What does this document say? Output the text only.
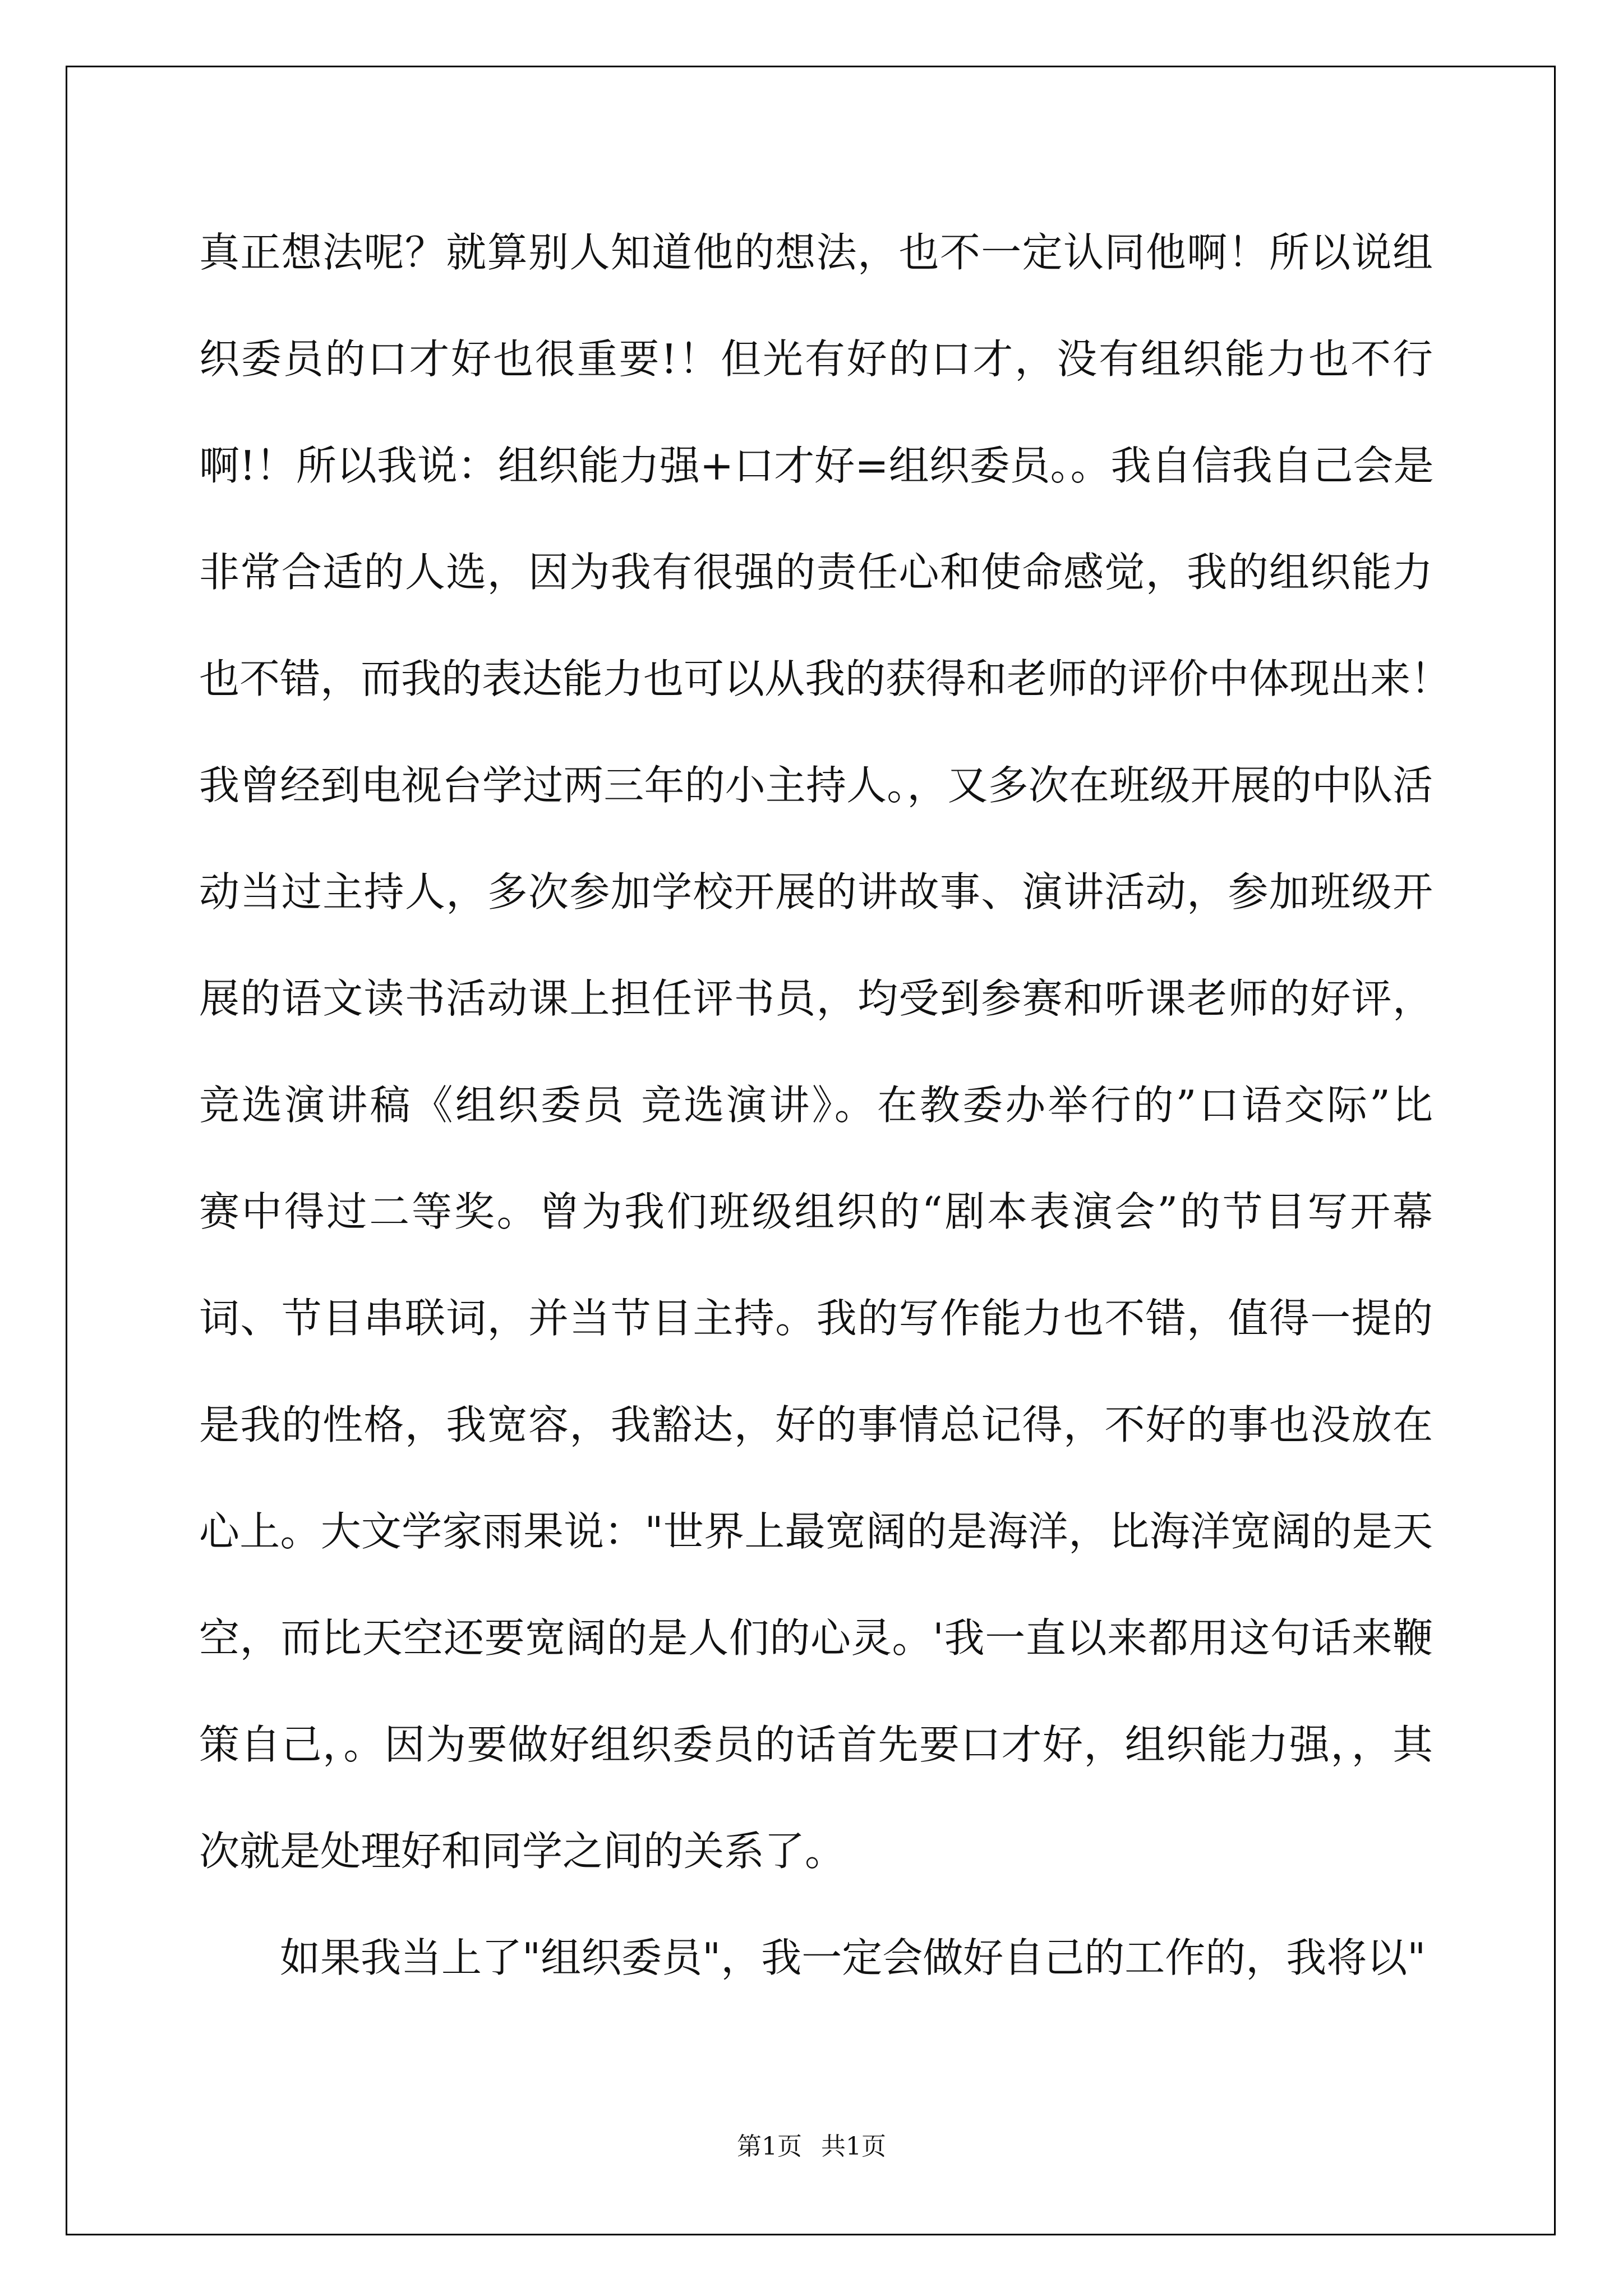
真正想法呢？就算别人知道他的想法，也不一定认同他啊！所以说组
织委员的口才好也很重要!！但光有好的口才，没有组织能力也不行
啊!！所以我说：组织能力强+口才好=组织委员。。我自信我自己会是
非常合适的人选，因为我有很强的责任心和使命感觉，我的组织能力
也不错，而我的表达能力也可以从我的获得和老师的评价中体现出来！
我曾经到电视台学过两三年的小主持人。，又多次在班级开展的中队活
动当过主持人，多次参加学校开展的讲故事、演讲活动，参加班级开
展的语文读书活动课上担任评书员，均受到参赛和听课老师的好评，
竞选演讲稿《组织委员 竞选演讲》。在教委办举行的”口语交际”比
赛中得过二等奖。曾为我们班级组织的“剧本表演会”的节目写开幕
词、节目串联词，并当节目主持。我的写作能力也不错，值得一提的
是我的性格，我宽容，我豁达，好的事情总记得，不好的事也没放在
心上。大文学家雨果说："世界上最宽阔的是海洋，比海洋宽阔的是天
空，而比天空还要宽阔的是人们的心灵。'我一直以来都用这句话来鞭
策自己，。因为要做好组织委员的话首先要口才好，组织能力强，，其
次就是处理好和同学之间的关系了。
如果我当上了"组织委员"，我一定会做好自己的工作的，我将以"
第1页 共1页
